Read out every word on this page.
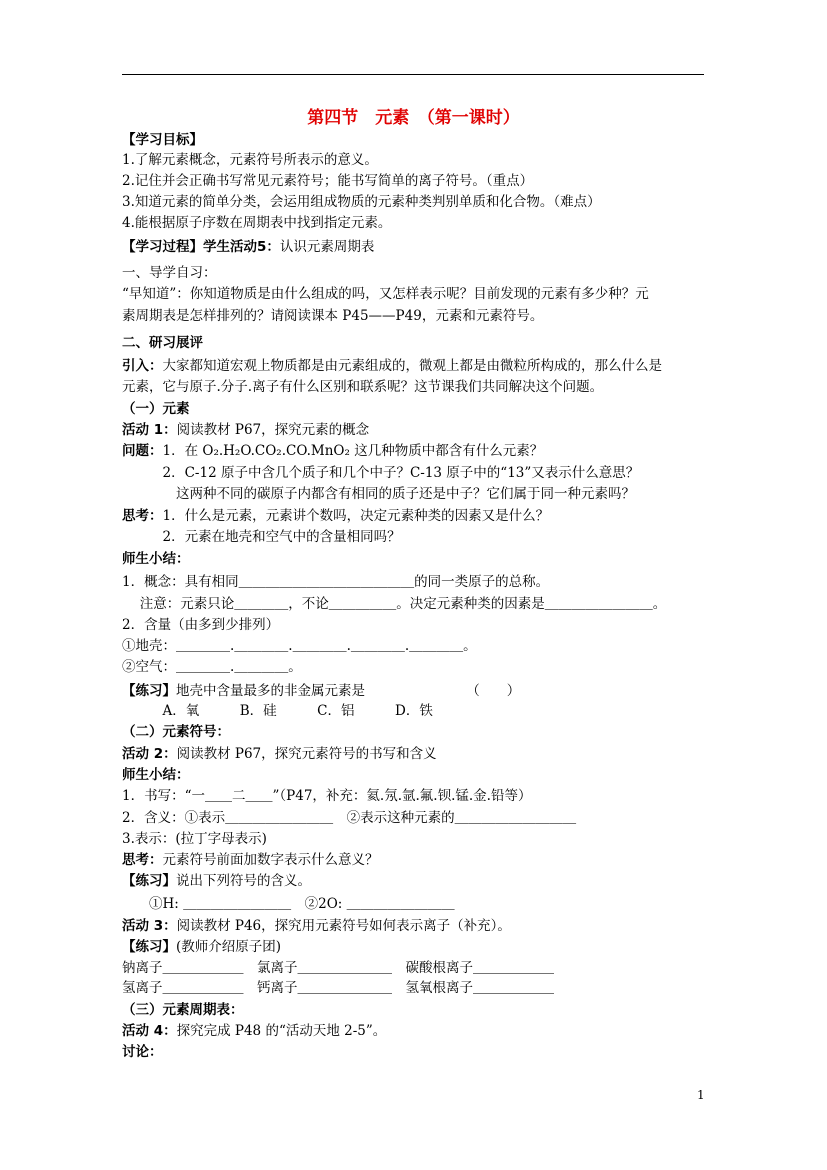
第四节　元素　（第一课时）
【学习目标】
1.了解元素概念，元素符号所表示的意义。
2.记住并会正确书写常见元素符号；能书写简单的离子符号。（重点）
3.知道元素的简单分类，会运用组成物质的元素种类判别单质和化合物。（难点）
4.能根据原子序数在周期表中找到指定元素。
【学习过程】学生活动5：认识元素周期表
一、导学自习：
“早知道”：你知道物质是由什么组成的吗，又怎样表示呢？目前发现的元素有多少种？元
素周期表是怎样排列的？请阅读课本 P45——P49，元素和元素符号。
二、研习展评
引入：大家都知道宏观上物质都是由元素组成的，微观上都是由微粒所构成的，那么什么是
元素，它与原子.分子.离子有什么区别和联系呢？这节课我们共同解决这个问题。
（一）元素
活动 1：阅读教材 P67，探究元素的概念
问题：1．在 O₂.H₂O.CO₂.CO.MnO₂ 这几种物质中都含有什么元素？
　　　2．C-12 原子中含几个质子和几个中子？C-13 原子中的“13”又表示什么意思？
　　　　这两种不同的碳原子内都含有相同的质子还是中子？它们属于同一种元素吗？
思考：1．什么是元素，元素讲个数吗，决定元素种类的因素又是什么？
　　　2．元素在地壳和空气中的含量相同吗？
师生小结：
1．概念：具有相同＿＿＿＿＿＿＿＿＿＿＿＿＿的同一类原子的总称。
　 注意：元素只论＿＿＿＿，不论＿＿＿＿＿。决定元素种类的因素是＿＿＿＿＿＿＿＿。
2．含量（由多到少排列）
①地壳：＿＿＿＿.＿＿＿＿.＿＿＿＿.＿＿＿＿.＿＿＿＿。
②空气：＿＿＿＿.＿＿＿＿。
【练习】地壳中含量最多的非金属元素是　　　　　　　　（　　）
　　　A．氧　　　B．硅　　　C．铝　　　D．铁
（二）元素符号：
活动 2：阅读教材 P67，探究元素符号的书写和含义
师生小结：
1．书写：“一＿＿二＿＿”（P47，补充：氦.氖.氩.氟.钡.锰.金.铅等）
2．含义：①表示＿＿＿＿＿＿＿＿　②表示这种元素的＿＿＿＿＿＿＿＿＿
3.表示：(拉丁字母表示)
思考：元素符号前面加数字表示什么意义？
【练习】说出下列符号的含义。
　　①H: ＿＿＿＿＿＿＿＿　②2O: ＿＿＿＿＿＿＿＿
活动 3：阅读教材 P46，探究用元素符号如何表示离子（补充）。
【练习】(教师介绍原子团)
钠离子＿＿＿＿＿＿　氯离子＿＿＿＿＿＿＿　碳酸根离子＿＿＿＿＿＿
氢离子＿＿＿＿＿＿　钙离子＿＿＿＿＿＿＿　氢氧根离子＿＿＿＿＿＿
（三）元素周期表：
活动 4：探究完成 P48 的“活动天地 2-5”。
讨论：
1
